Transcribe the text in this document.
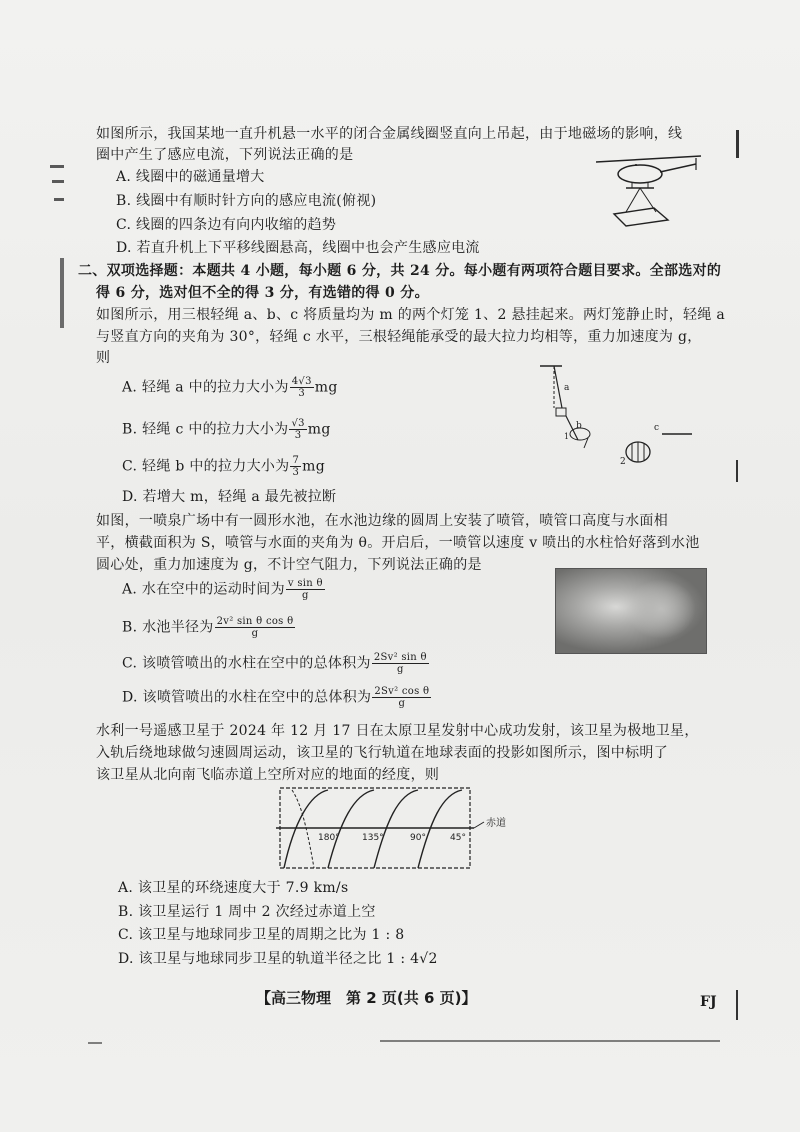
如图所示，我国某地一直升机悬一水平的闭合金属线圈竖直向上吊起，由于地磁场的影响，线
圈中产生了感应电流，下列说法正确的是
A. 线圈中的磁通量增大
B. 线圈中有顺时针方向的感应电流(俯视)
C. 线圈的四条边有向内收缩的趋势
D. 若直升机上下平移线圈悬高，线圈中也会产生感应电流
二、双项选择题：本题共 4 小题，每小题 6 分，共 24 分。每小题有两项符合题目要求。全部选对的
得 6 分，选对但不全的得 3 分，有选错的得 0 分。
如图所示，用三根轻绳 a、b、c 将质量均为 m 的两个灯笼 1、2 悬挂起来。两灯笼静止时，轻绳 a
与竖直方向的夹角为 30°，轻绳 c 水平，三根轻绳能承受的最大拉力均相等，重力加速度为 g，
则
A. 轻绳 a 中的拉力大小为 $\frac{4√3}{3}$ mg
B. 轻绳 c 中的拉力大小为 $\frac{√3}{3}$ mg
C. 轻绳 b 中的拉力大小为 $\frac{7}{3}$ mg
D. 若增大 m，轻绳 a 最先被拉断
a
b
1
2
c
如图，一喷泉广场中有一圆形水池，在水池边缘的圆周上安装了喷管，喷管口高度与水面相
平，横截面积为 S，喷管与水面的夹角为 θ。开启后，一喷管以速度 v 喷出的水柱恰好落到水池
圆心处，重力加速度为 g，不计空气阻力，下列说法正确的是
A. 水在空中的运动时间为 $\frac{\text{v sin θ}}{g}$
B. 水池半径为 $\frac{\text{2v² sin θ cos θ}}{g}$
C. 该喷管喷出的水柱在空中的总体积为 $\frac{\text{2Sv² sin θ}}{g}$
D. 该喷管喷出的水柱在空中的总体积为 $\frac{\text{2Sv² cos θ}}{g}$
水利一号遥感卫星于 2024 年 12 月 17 日在太原卫星发射中心成功发射，该卫星为极地卫星，
入轨后绕地球做匀速圆周运动，该卫星的飞行轨道在地球表面的投影如图所示，图中标明了
该卫星从北向南飞临赤道上空所对应的地面的经度，则
180° 135°	90°	45°
赤道
A. 该卫星的环绕速度大于 7.9 km/s
B. 该卫星运行 1 周中 2 次经过赤道上空
C. 该卫星与地球同步卫星的周期之比为 1 : 8
D. 该卫星与地球同步卫星的轨道半径之比 1 : 4√2
【高三物理　第 2 页(共 6 页)】	FJ
